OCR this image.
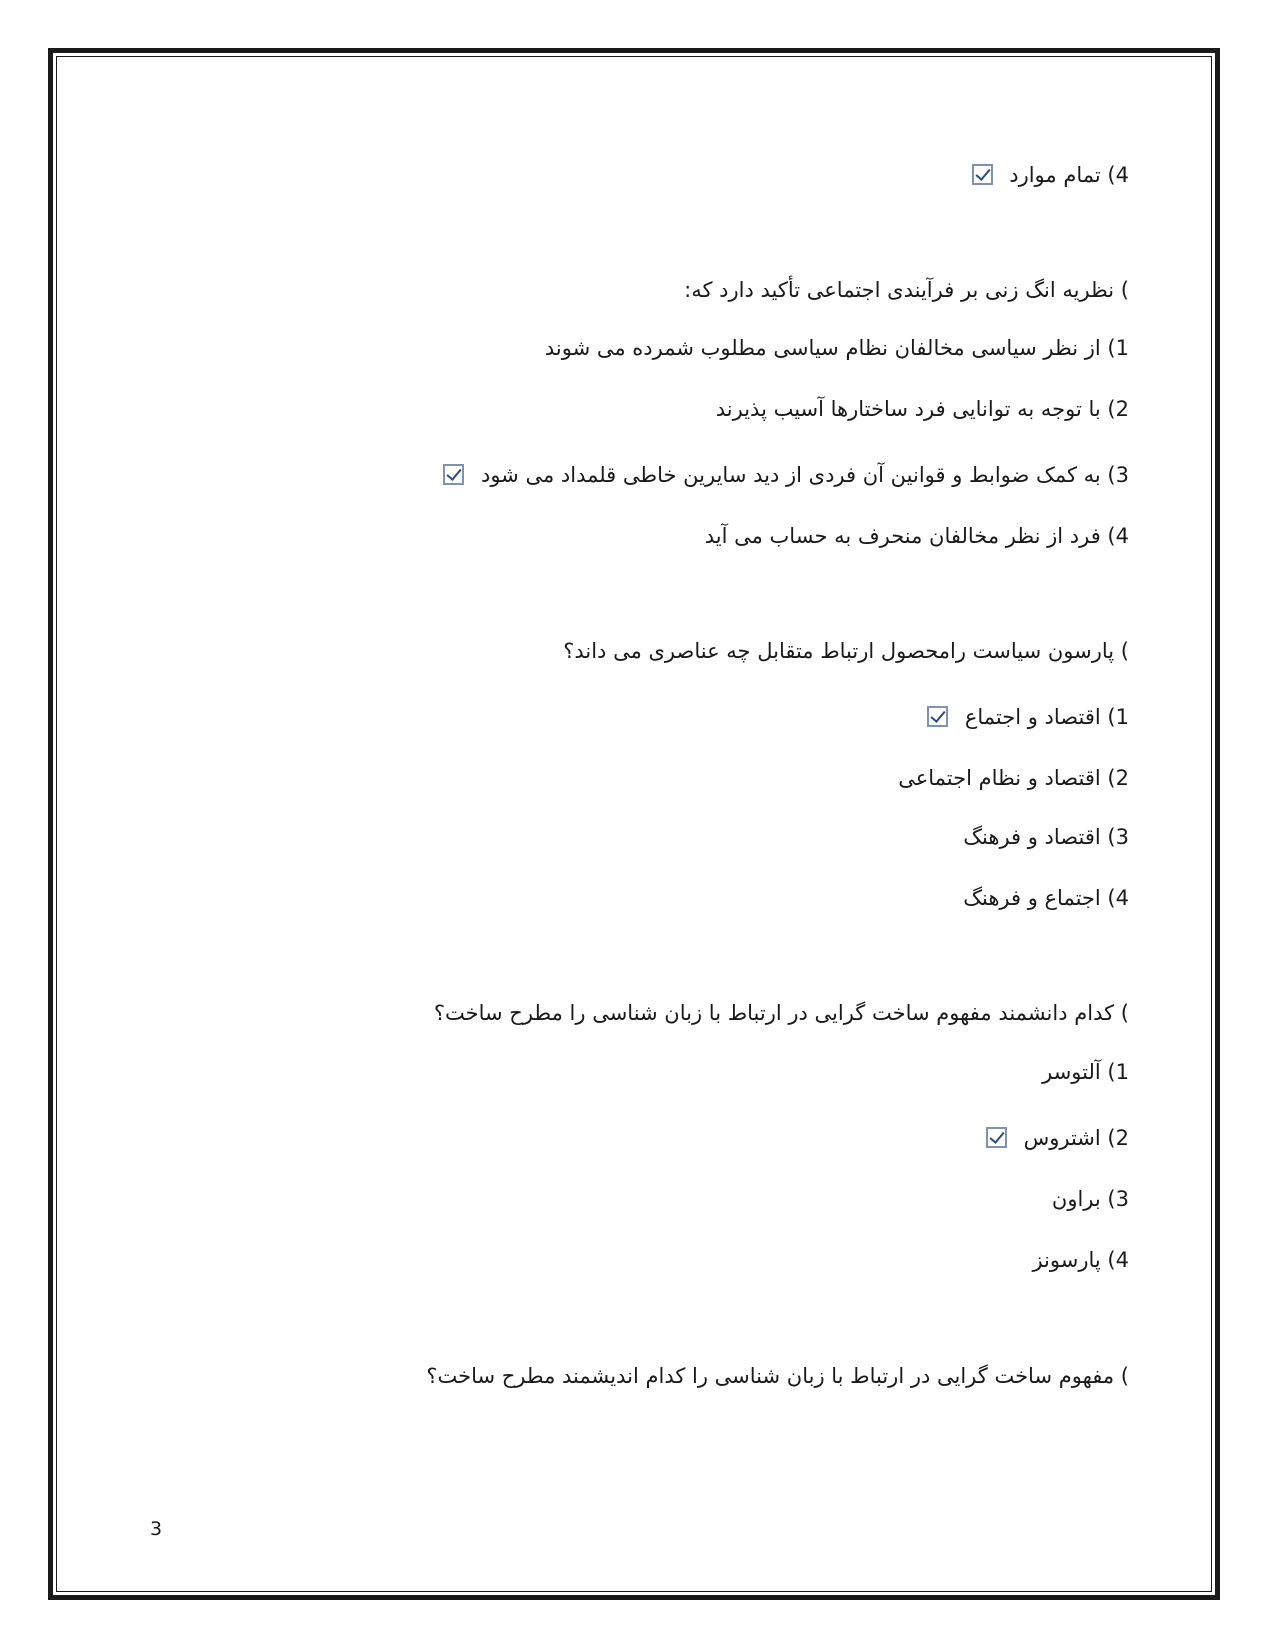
4) تمام موارد
) نظریه انگ زنی بر فرآیندی اجتماعی تأکید دارد که:
1) از نظر سیاسی مخالفان نظام سیاسی مطلوب شمرده می شوند
2) با توجه به توانایی فرد ساختارها آسیب پذیرند
3) به کمک ضوابط و قوانین آن فردی از دید سایرین خاطی قلمداد می شود
4) فرد از نظر مخالفان منحرف به حساب می آید
) پارسون سیاست رامحصول ارتباط متقابل چه عناصری می داند؟
1) اقتصاد و اجتماع
2) اقتصاد و نظام اجتماعی
3) اقتصاد و فرهنگ
4) اجتماع و فرهنگ
) کدام دانشمند مفهوم ساخت گرایی در ارتباط با زبان شناسی را مطرح ساخت؟
1) آلتوسر
2) اشتروس
3) براون
4) پارسونز
) مفهوم ساخت گرایی در ارتباط با زبان شناسی را کدام اندیشمند مطرح ساخت؟
3
